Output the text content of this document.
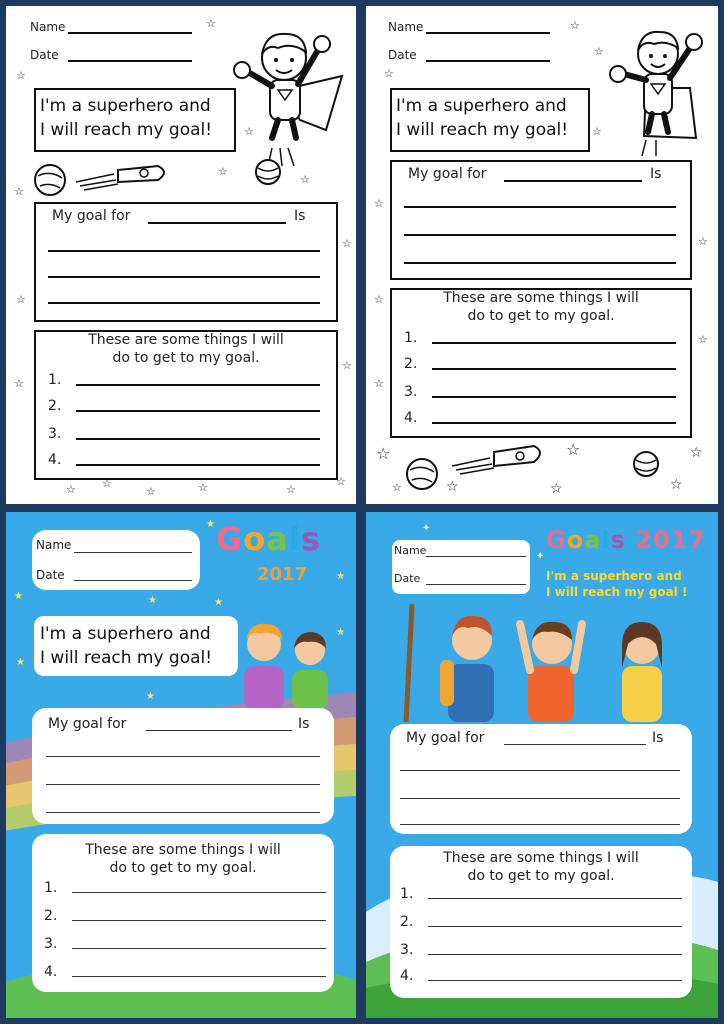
Name
Date
I'm a superhero and
I will reach my goal!
My goal for	Is
These are some things I will
do to get to my goal.
1.
2.
3.
4.
☆
☆
☆
☆
☆
☆
☆
☆
☆
☆
☆ ☆
☆	☆	☆
☆
Name
Date
I'm a superhero and
I will reach my goal!
My goal for	Is
These are some things I will
do to get to my goal.
1.
2.
3.
4.
☆
☆
☆
☆
☆
☆
☆
☆
☆
☆	☆	☆
☆	☆	☆
☆
Name
Date
Goals
2017
I'm a superhero and
I will reach my goal!
My goal for	Is
These are some things I will
do to get to my goal.
1.
2.
3.
4.
★
★	★	★
★
★
★
★
Name
Date
Goals 2017
I'm a superhero and
I will reach my goal !
My goal for	Is
These are some things I will
do to get to my goal.
1.
2.
3.
4.
✦
✦
